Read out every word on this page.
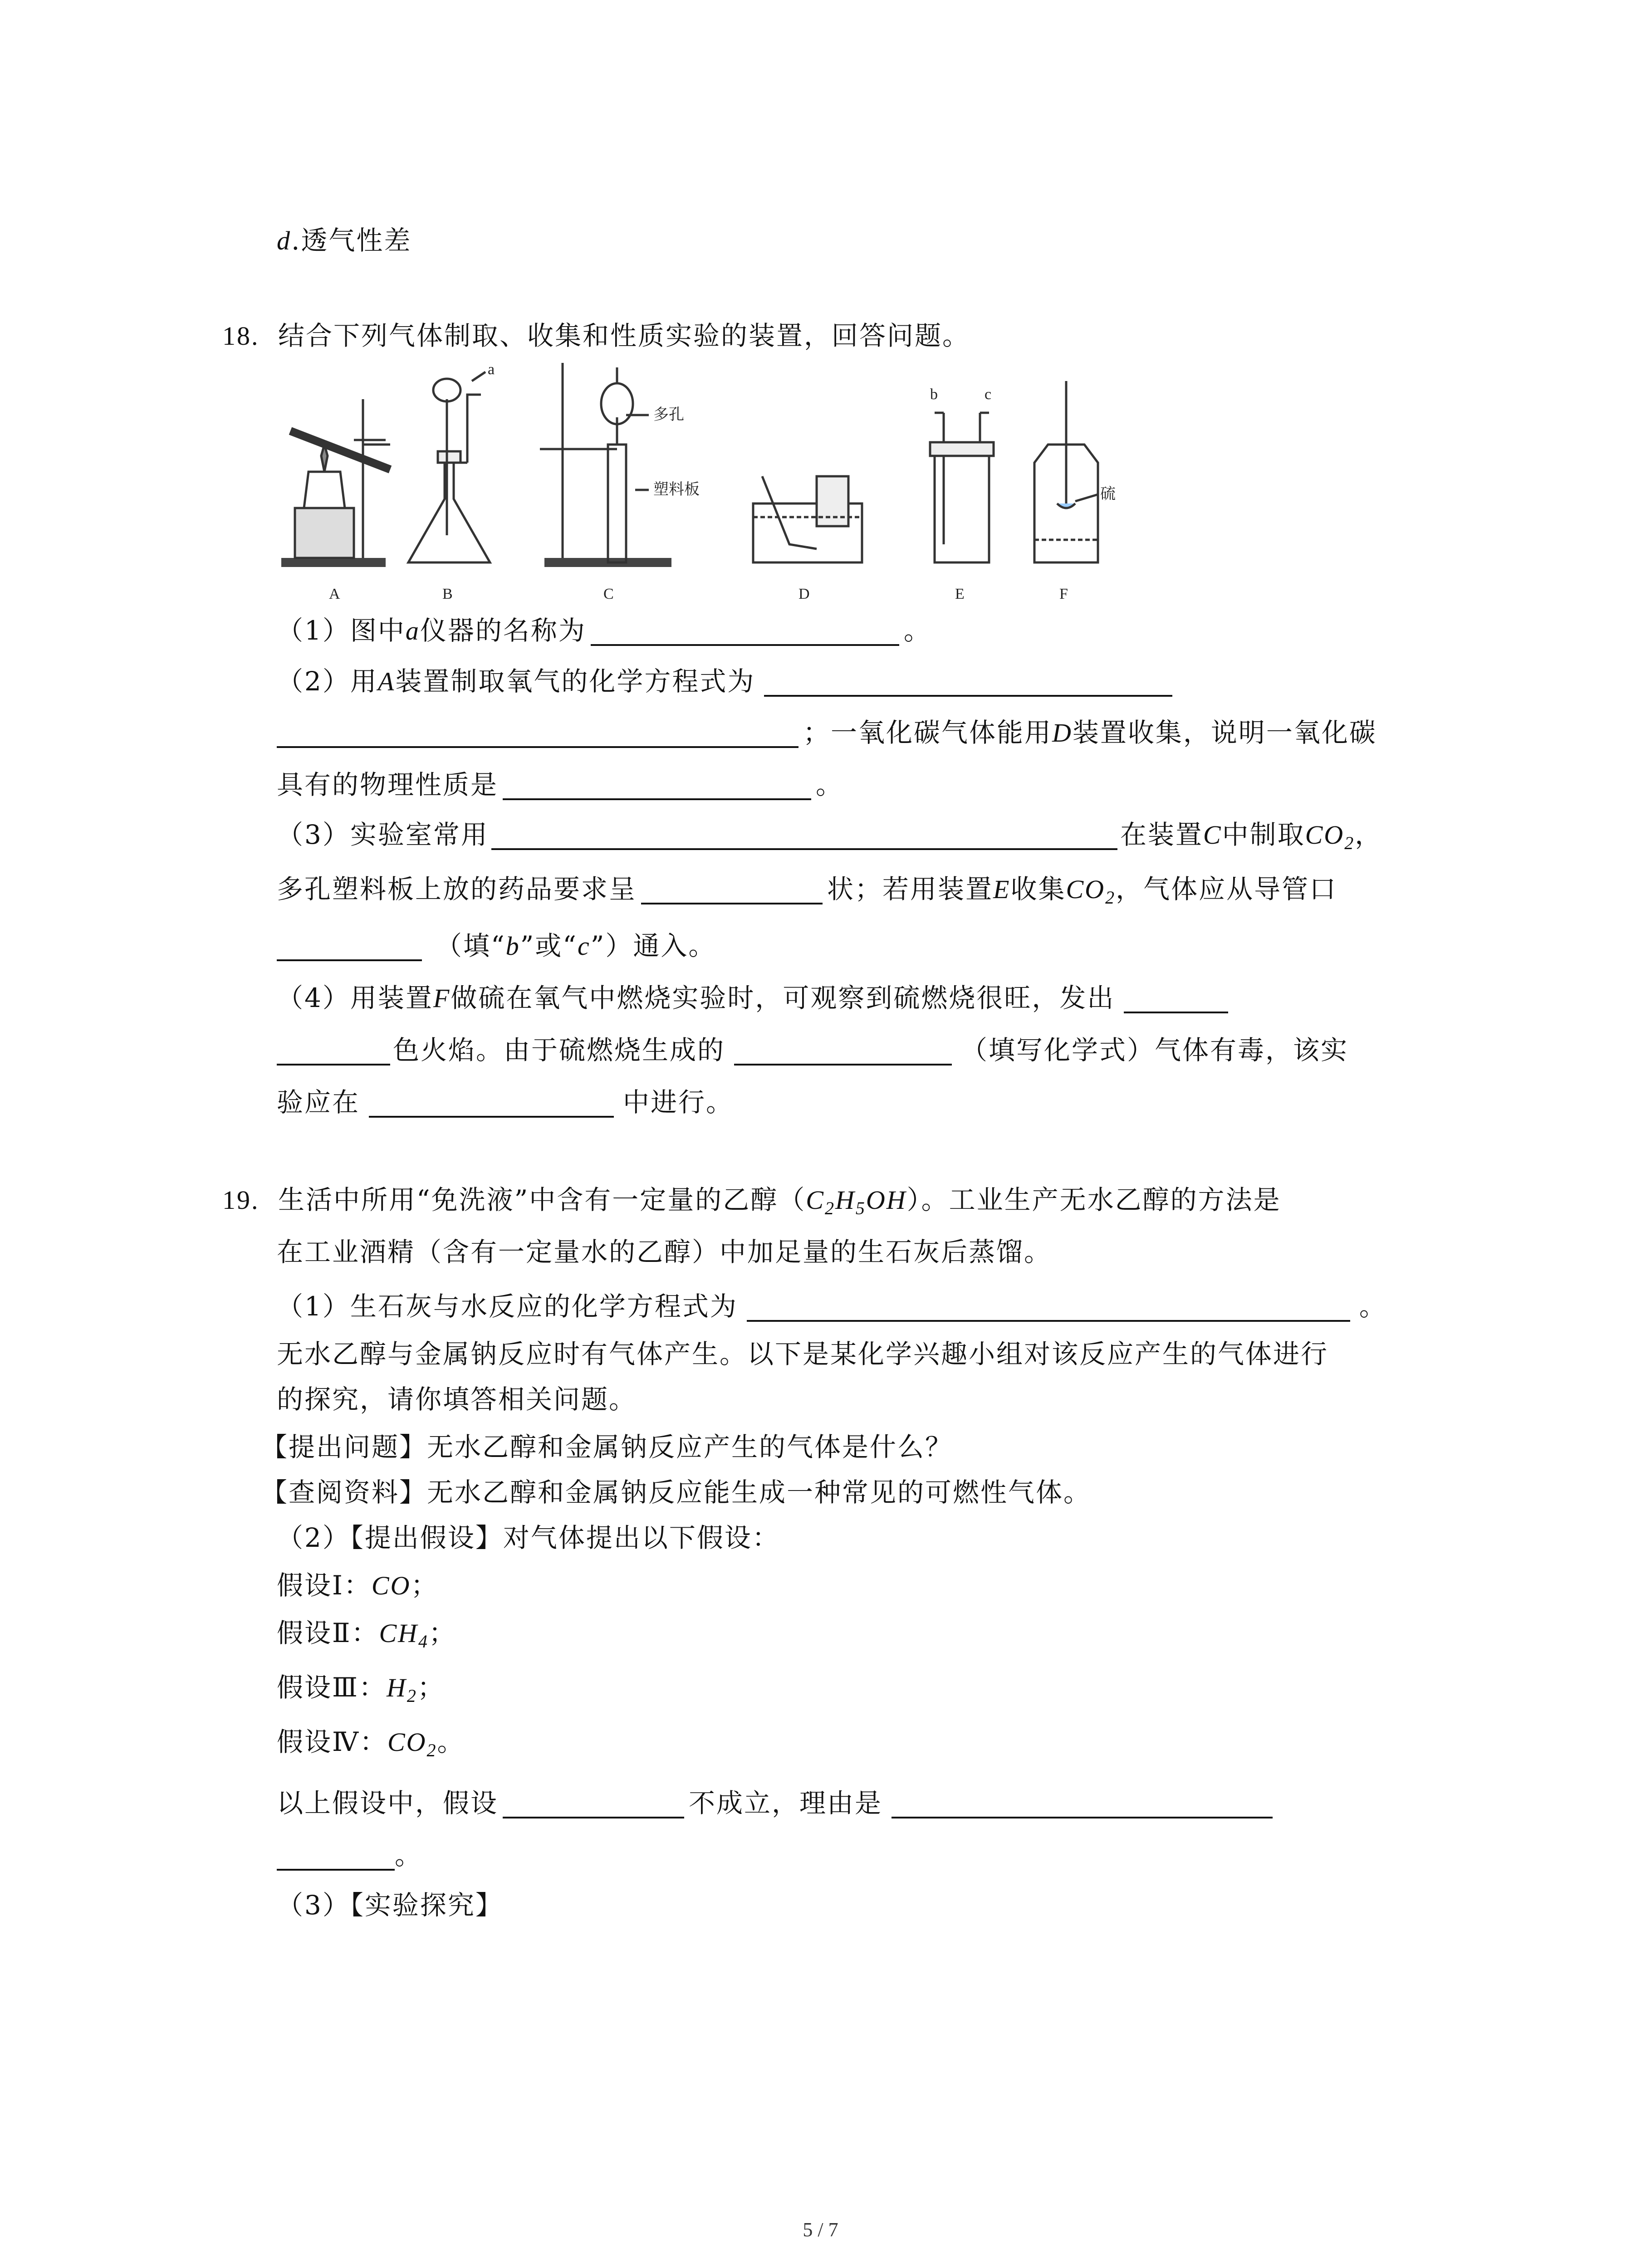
d.透气性差
18. 结合下列气体制取、收集和性质实验的装置，回答问题。
A	B	C	D	E	F
a
b	c
多孔
塑料板	硫
（1）图中a仪器的名称为	。
（2）用A装置制取氧气的化学方程式为
；一氧化碳气体能用D装置收集，说明一氧化碳
具有的物理性质是	。
（3）实验室常用	在装置C中制取$CO_2$，
多孔塑料板上放的药品要求呈	状；若用装置E收集$CO_2$，气体应从导管口
（填“b”或“c”）通入。
（4）用装置F做硫在氧气中燃烧实验时，可观察到硫燃烧很旺，发出
色火焰。由于硫燃烧生成的	（填写化学式）气体有毒，该实
验应在	中进行。
19. 生活中所用“免洗液”中含有一定量的乙醇$(C_2H_5OH)$。工业生产无水乙醇的方法是
在工业酒精（含有一定量水的乙醇）中加足量的生石灰后蒸馏。
（1）生石灰与水反应的化学方程式为	。
无水乙醇与金属钠反应时有气体产生。以下是某化学兴趣小组对该反应产生的气体进行
的探究，请你填答相关问题。
【提出问题】无水乙醇和金属钠反应产生的气体是什么？
【查阅资料】无水乙醇和金属钠反应能生成一种常见的可燃性气体。
（2）【提出假设】对气体提出以下假设：
假设Ⅰ：CO；
假设Ⅱ：$CH_4$；
假设Ⅲ：$H_2$；
假设Ⅳ：$CO_2$。
以上假设中，假设	不成立，理由是
。
（3）【实验探究】
5 / 7
